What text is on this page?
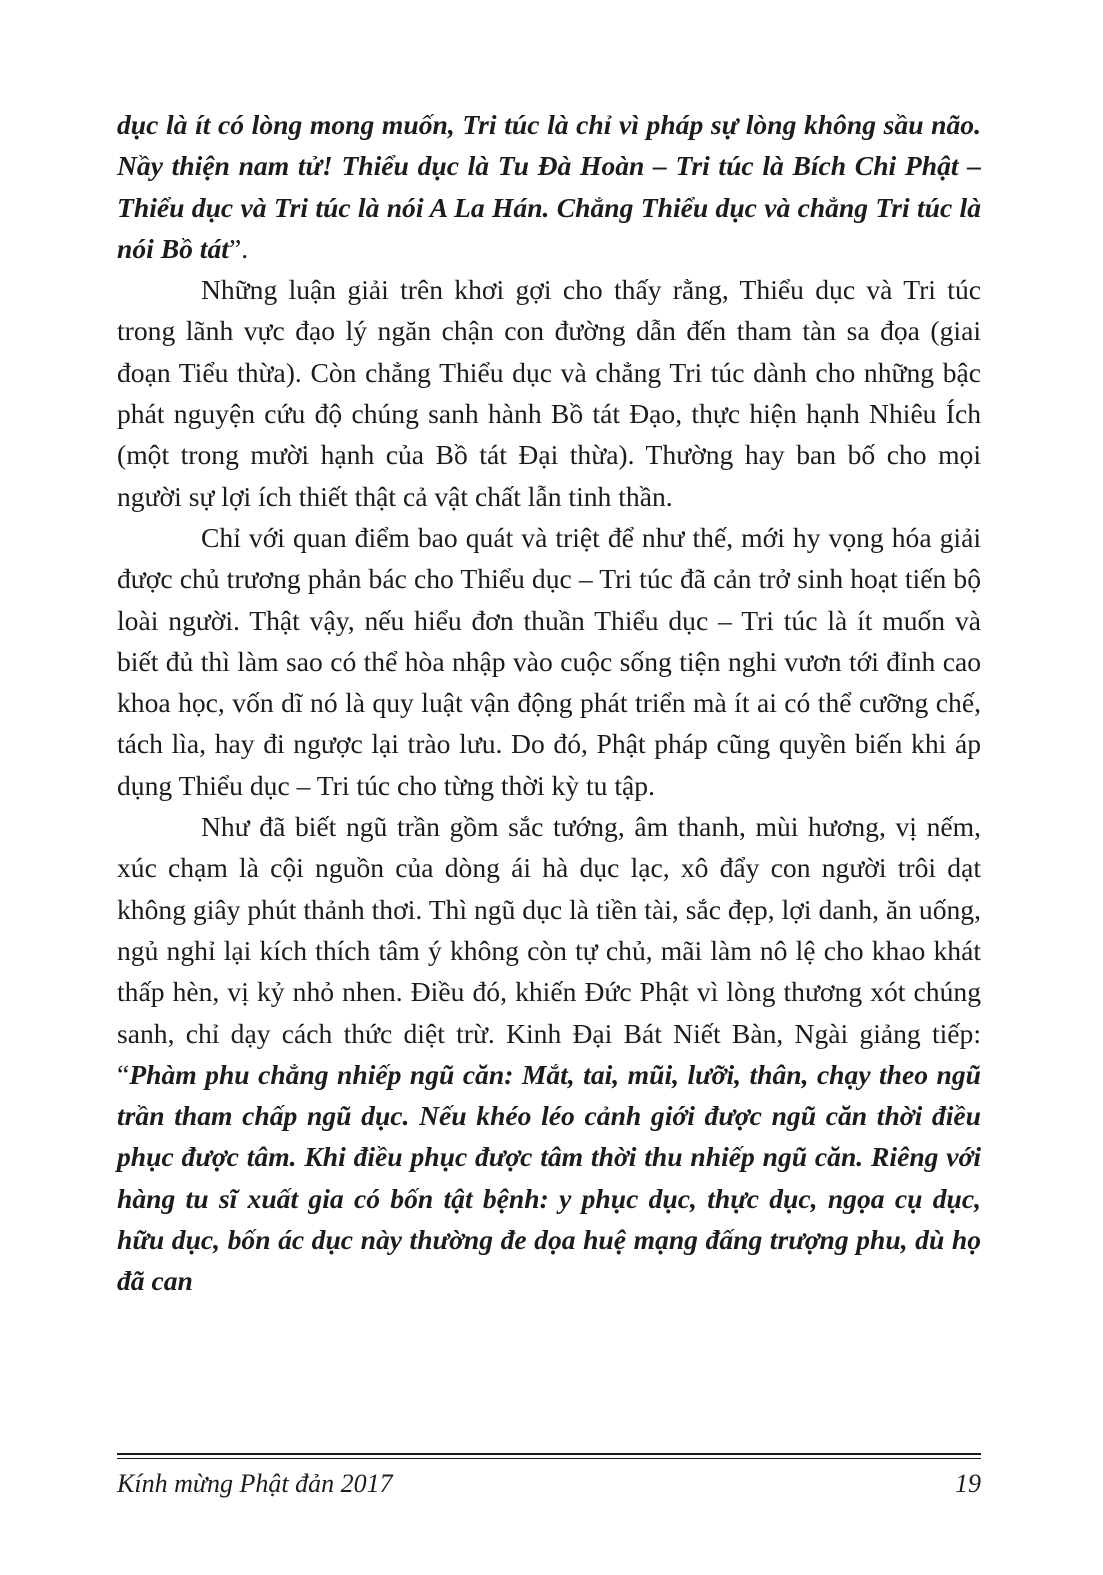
dục là ít có lòng mong muốn, Tri túc là chỉ vì pháp sự lòng không sầu não. Nầy thiện nam tử! Thiểu dục là Tu Đà Hoàn – Tri túc là Bích Chi Phật – Thiểu dục và Tri túc là nói A La Hán. Chẳng Thiểu dục và chẳng Tri túc là nói Bồ tát”.

Những luận giải trên khơi gợi cho thấy rằng, Thiểu dục và Tri túc trong lãnh vực đạo lý ngăn chận con đường dẫn đến tham tàn sa đọa (giai đoạn Tiểu thừa). Còn chẳng Thiểu dục và chẳng Tri túc dành cho những bậc phát nguyện cứu độ chúng sanh hành Bồ tát Đạo, thực hiện hạnh Nhiêu Ích (một trong mười hạnh của Bồ tát Đại thừa). Thường hay ban bố cho mọi người sự lợi ích thiết thật cả vật chất lẫn tinh thần.

Chỉ với quan điểm bao quát và triệt để như thế, mới hy vọng hóa giải được chủ trương phản bác cho Thiểu dục – Tri túc đã cản trở sinh hoạt tiến bộ loài người. Thật vậy, nếu hiểu đơn thuần Thiểu dục – Tri túc là ít muốn và biết đủ thì làm sao có thể hòa nhập vào cuộc sống tiện nghi vươn tới đỉnh cao khoa học, vốn dĩ nó là quy luật vận động phát triển mà ít ai có thể cưỡng chế, tách lìa, hay đi ngược lại trào lưu. Do đó, Phật pháp cũng quyền biến khi áp dụng Thiểu dục – Tri túc cho từng thời kỳ tu tập.

Như đã biết ngũ trần gồm sắc tướng, âm thanh, mùi hương, vị nếm, xúc chạm là cội nguồn của dòng ái hà dục lạc, xô đẩy con người trôi dạt không giây phút thảnh thơi. Thì ngũ dục là tiền tài, sắc đẹp, lợi danh, ăn uống, ngủ nghỉ lại kích thích tâm ý không còn tự chủ, mãi làm nô lệ cho khao khát thấp hèn, vị kỷ nhỏ nhen. Điều đó, khiến Đức Phật vì lòng thương xót chúng sanh, chỉ dạy cách thức diệt trừ. Kinh Đại Bát Niết Bàn, Ngài giảng tiếp: “Phàm phu chẳng nhiếp ngũ căn: Mắt, tai, mũi, lưỡi, thân, chạy theo ngũ trần tham chấp ngũ dục. Nếu khéo léo cảnh giới được ngũ căn thời điều phục được tâm. Khi điều phục được tâm thời thu nhiếp ngũ căn. Riêng với hàng tu sĩ xuất gia có bốn tật bệnh: y phục dục, thực dục, ngọa cụ dục, hữu dục, bốn ác dục này thường đe dọa huệ mạng đấng trượng phu, dù họ đã can

Kính mừng Phật đản 2017	19
